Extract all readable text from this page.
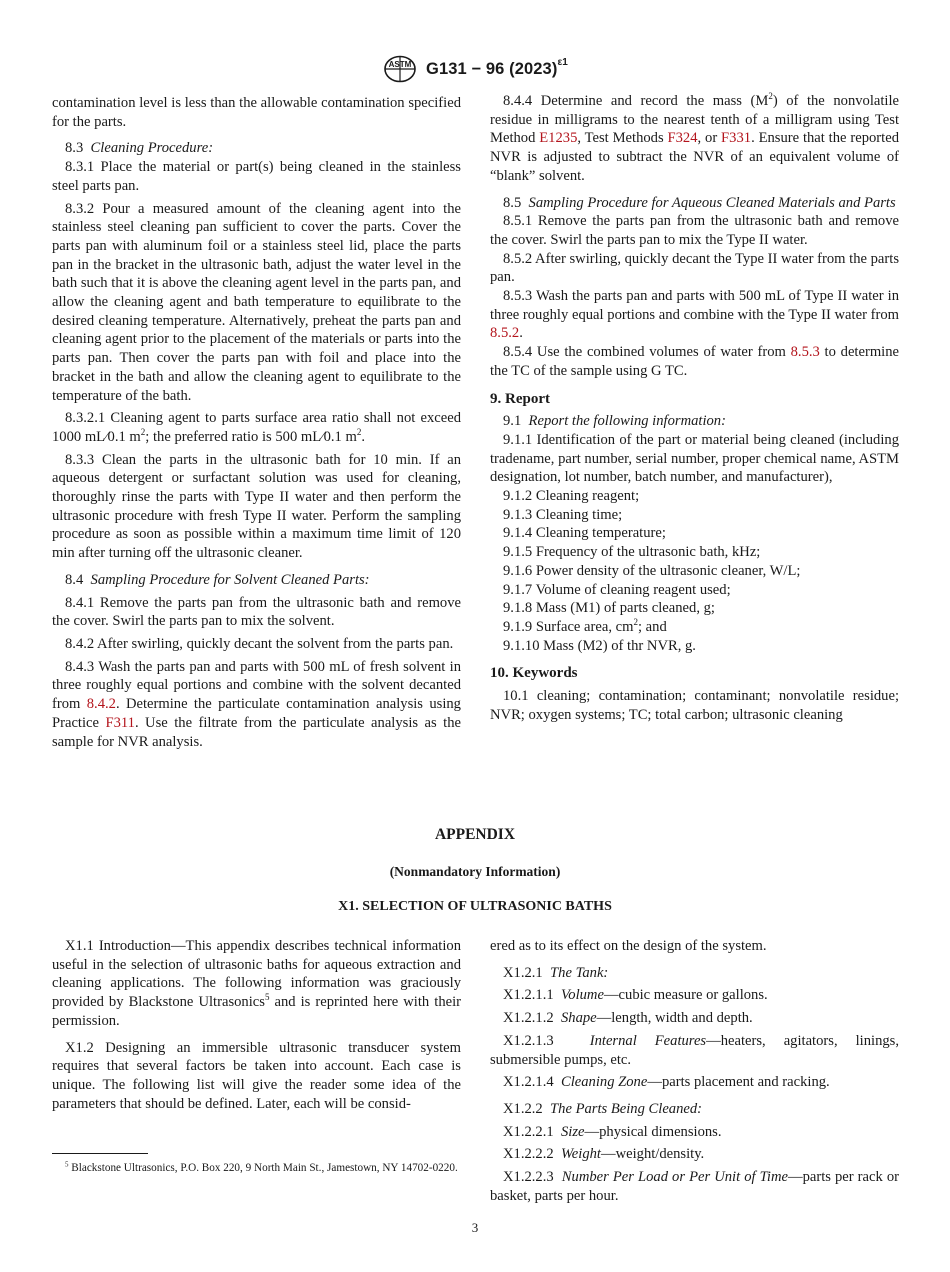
ASTM G131 − 96 $(2023)^{\varepsilon 1}$

contamination level is less than the allowable contamination specified for the parts.

8.3 Cleaning Procedure:

8.3.1 Place the material or part(s) being cleaned in the stainless steel parts pan.

8.3.2 Pour a measured amount of the cleaning agent into the stainless steel cleaning pan sufficient to cover the parts. Cover the parts pan with aluminum foil or a stainless steel lid, place the parts pan in the bracket in the ultrasonic bath, adjust the water level in the bath such that it is above the cleaning agent level in the parts pan, and allow the cleaning agent and bath temperature to equilibrate to the desired cleaning temperature. Alternatively, preheat the parts pan and cleaning agent prior to the placement of the materials or parts into the parts pan. Then cover the parts pan with foil and place into the bracket in the bath and allow the cleaning agent to equilibrate to the temperature of the bath.

8.3.2.1 Cleaning agent to parts surface area ratio shall not exceed 1000 mL⁄0.1 $m^2$; the preferred ratio is 500 mL⁄0.1 $m^2$.

8.3.3 Clean the parts in the ultrasonic bath for 10 min. If an aqueous detergent or surfactant solution was used for cleaning, thoroughly rinse the parts with Type II water and then perform the ultrasonic procedure with fresh Type II water. Perform the sampling procedure as soon as possible within a maximum time limit of 120 min after turning off the ultrasonic cleaner.

8.4 Sampling Procedure for Solvent Cleaned Parts:

8.4.1 Remove the parts pan from the ultrasonic bath and remove the cover. Swirl the parts pan to mix the solvent.

8.4.2 After swirling, quickly decant the solvent from the parts pan.

8.4.3 Wash the parts pan and parts with 500 mL of fresh solvent in three roughly equal portions and combine with the solvent decanted from 8.4.2. Determine the particulate contamination analysis using Practice F311. Use the filtrate from the particulate analysis as the sample for NVR analysis.

8.4.4 Determine and record the mass $(M^2)$ of the nonvolatile residue in milligrams to the nearest tenth of a milligram using Test Method E1235, Test Methods F324, or F331. Ensure that the reported NVR is adjusted to subtract the NVR of an equivalent volume of “blank” solvent.

8.5 Sampling Procedure for Aqueous Cleaned Materials and Parts

8.5.1 Remove the parts pan from the ultrasonic bath and remove the cover. Swirl the parts pan to mix the Type II water.

8.5.2 After swirling, quickly decant the Type II water from the parts pan.

8.5.3 Wash the parts pan and parts with 500 mL of Type II water in three roughly equal portions and combine with the Type II water from 8.5.2.

8.5.4 Use the combined volumes of water from 8.5.3 to determine the TC of the sample using G TC.

9. Report

9.1 Report the following information:

9.1.1 Identification of the part or material being cleaned (including tradename, part number, serial number, proper chemical name, ASTM designation, lot number, batch number, and manufacturer),

9.1.2 Cleaning reagent;

9.1.3 Cleaning time;

9.1.4 Cleaning temperature;

9.1.5 Frequency of the ultrasonic bath, kHz;

9.1.6 Power density of the ultrasonic cleaner, W/L;

9.1.7 Volume of cleaning reagent used;

9.1.8 Mass (M1) of parts cleaned, g;

9.1.9 Surface area, $cm^2$; and

9.1.10 Mass (M2) of thr NVR, g.

10. Keywords

10.1 cleaning; contamination; contaminant; nonvolatile residue; NVR; oxygen systems; TC; total carbon; ultrasonic cleaning

APPENDIX
(Nonmandatory Information)
X1. SELECTION OF ULTRASONIC BATHS

X1.1 Introduction—This appendix describes technical information useful in the selection of ultrasonic baths for aqueous extraction and cleaning applications. The following information was graciously provided by Blackstone Ultrasonics$^5$ and is reprinted here with their permission.

X1.2 Designing an immersible ultrasonic transducer system requires that several factors be taken into account. Each case is unique. The following list will give the reader some idea of the parameters that should be defined. Later, each will be consid-

ered as to its effect on the design of the system.

X1.2.1 The Tank:

X1.2.1.1 Volume—cubic measure or gallons.

X1.2.1.2 Shape—length, width and depth.

X1.2.1.3 Internal Features—heaters, agitators, linings, submersible pumps, etc.

X1.2.1.4 Cleaning Zone—parts placement and racking.

X1.2.2 The Parts Being Cleaned:

X1.2.2.1 Size—physical dimensions.

X1.2.2.2 Weight—weight/density.

X1.2.2.3 Number Per Load or Per Unit of Time—parts per rack or basket, parts per hour.

$^5$ Blackstone Ultrasonics, P.O. Box 220, 9 North Main St., Jamestown, NY 14702-0220.

3
